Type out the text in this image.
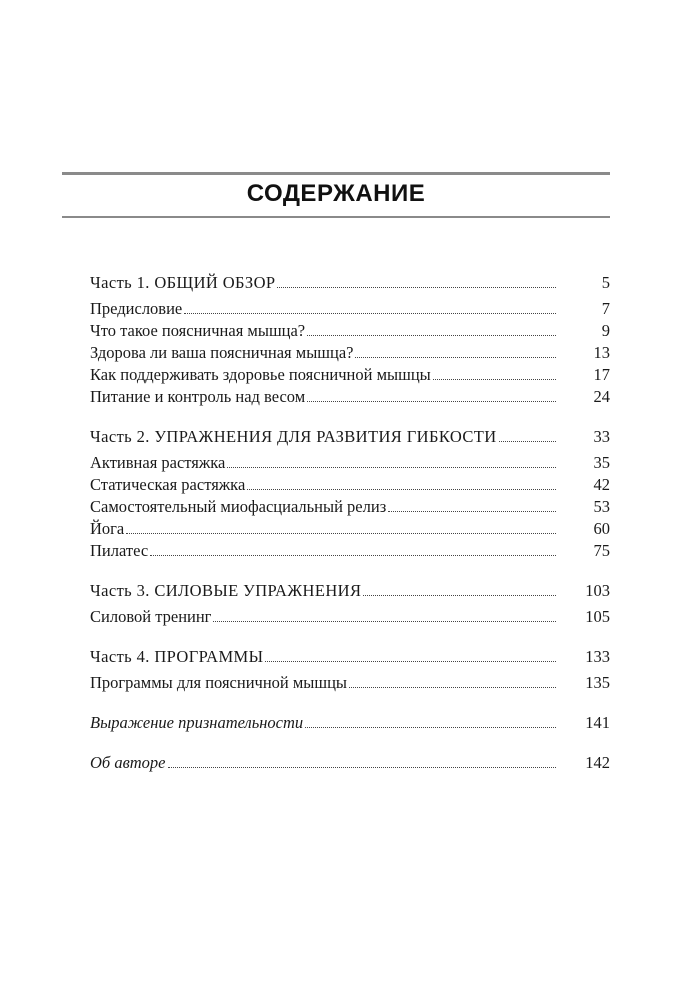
СОДЕРЖАНИЕ
Часть 1. ОБЩИЙ ОБЗОР	5
Предисловие	7
Что такое поясничная мышца?	9
Здорова ли ваша поясничная мышца?	13
Как поддерживать здоровье поясничной мышцы	17
Питание и контроль над весом	24
Часть 2. УПРАЖНЕНИЯ ДЛЯ РАЗВИТИЯ ГИБКОСТИ	33
Активная растяжка	35
Статическая растяжка	42
Самостоятельный миофасциальный релиз	53
Йога	60
Пилатес	75
Часть 3. СИЛОВЫЕ УПРАЖНЕНИЯ	103
Силовой тренинг	105
Часть 4. ПРОГРАММЫ	133
Программы для поясничной мышцы	135
Выражение признательности	141
Об авторе	142
